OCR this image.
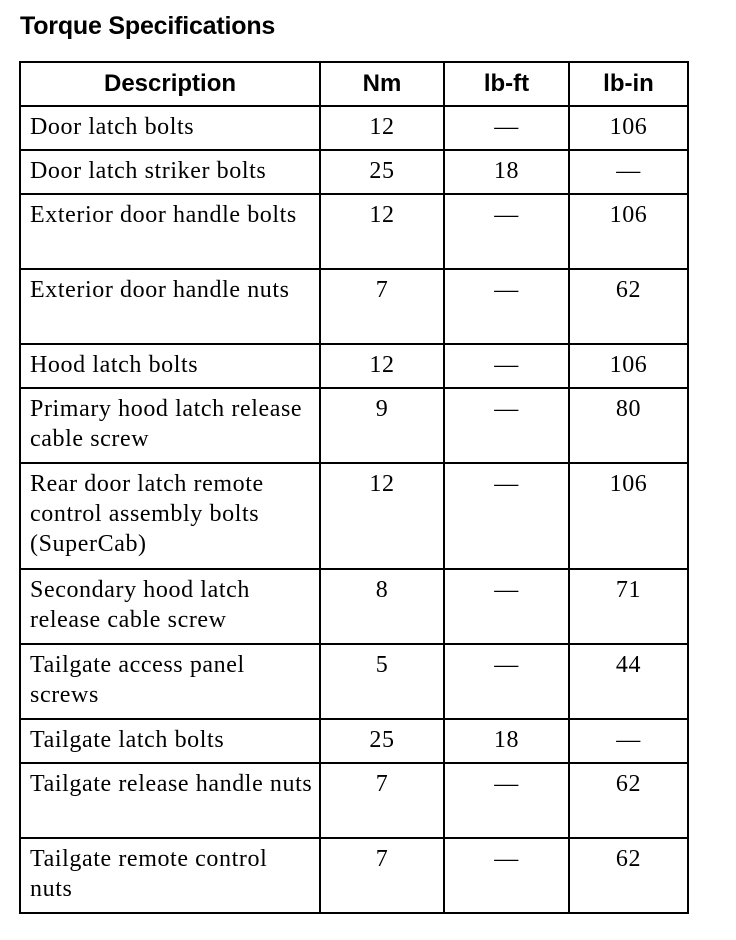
Torque Specifications
Description	Nm	lb-ft	lb-in
Door latch bolts	12	—	106
Door latch striker bolts	25	18	—
Exterior door handle bolts	12	—	106
Exterior door handle nuts	7	—	62
Hood latch bolts	12	—	106
Primary hood latch release cable screw	9	—	80
Rear door latch remote control assembly bolts (SuperCab)	12	—	106
Secondary hood latch release cable screw	8	—	71
Tailgate access panel screws	5	—	44
Tailgate latch bolts	25	18	—
Tailgate release handle nuts	7	—	62
Tailgate remote control nuts	7	—	62
